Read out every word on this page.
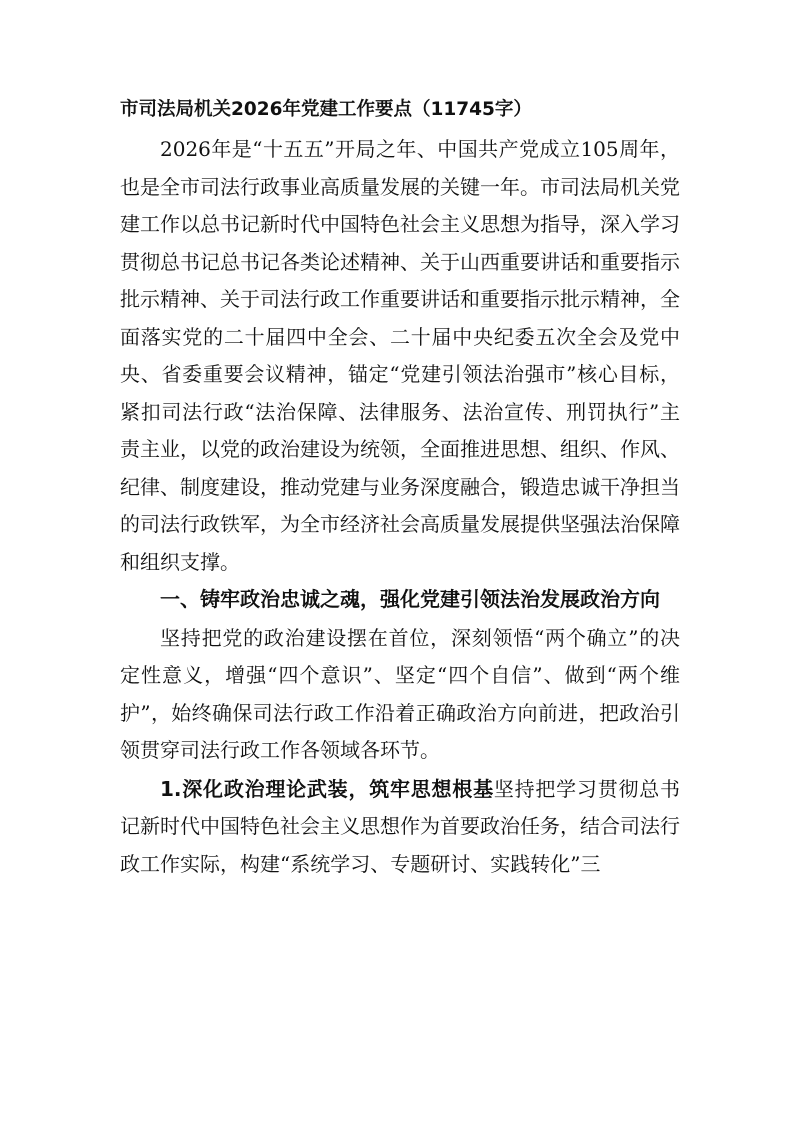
市司法局机关2026年党建工作要点（11745字）

2026年是“十五五”开局之年、中国共产党成立105周年，也是全市司法行政事业高质量发展的关键一年。市司法局机关党建工作以总书记新时代中国特色社会主义思想为指导，深入学习贯彻总书记总书记各类论述精神、关于山西重要讲话和重要指示批示精神、关于司法行政工作重要讲话和重要指示批示精神，全面落实党的二十届四中全会、二十届中央纪委五次全会及党中央、省委重要会议精神，锚定“党建引领法治强市”核心目标，紧扣司法行政“法治保障、法律服务、法治宣传、刑罚执行”主责主业，以党的政治建设为统领，全面推进思想、组织、作风、纪律、制度建设，推动党建与业务深度融合，锻造忠诚干净担当的司法行政铁军，为全市经济社会高质量发展提供坚强法治保障和组织支撑。

一、铸牢政治忠诚之魂，强化党建引领法治发展政治方向

坚持把党的政治建设摆在首位，深刻领悟“两个确立”的决定性意义，增强“四个意识”、坚定“四个自信”、做到“两个维护”，始终确保司法行政工作沿着正确政治方向前进，把政治引领贯穿司法行政工作各领域各环节。

1.深化政治理论武装，筑牢思想根基坚持把学习贯彻总书记新时代中国特色社会主义思想作为首要政治任务，结合司法行政工作实际，构建“系统学习、专题研讨、实践转化”三
